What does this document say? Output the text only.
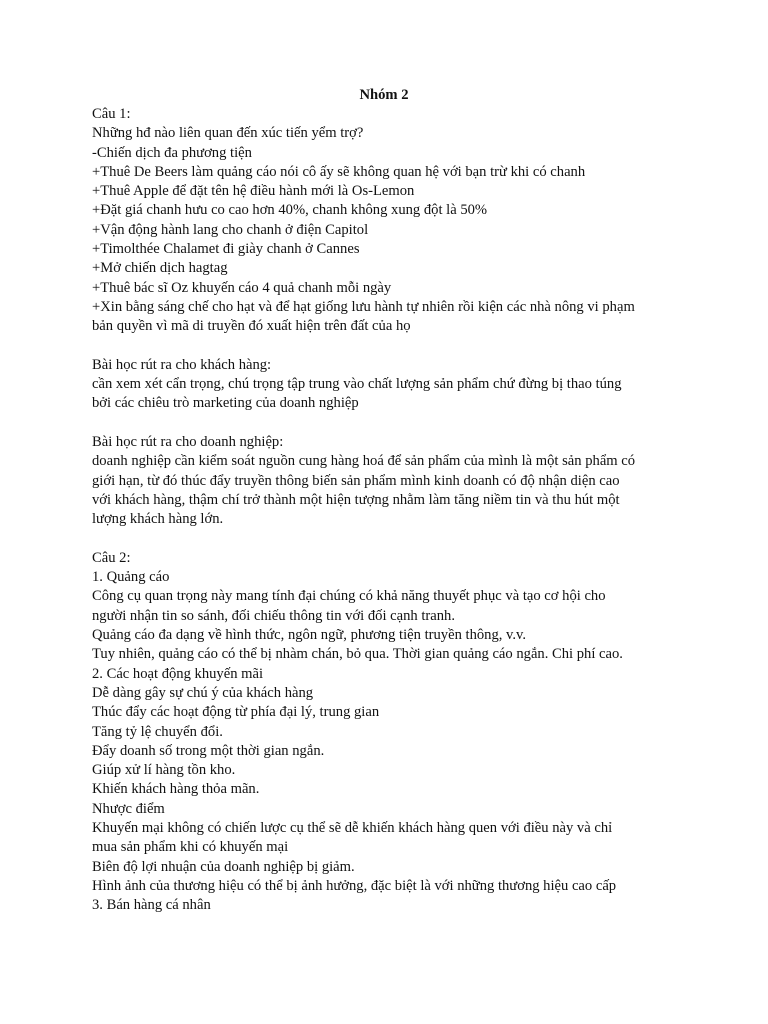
Nhóm 2
Câu 1:
Những hđ nào liên quan đến xúc tiến yểm trợ?
-Chiến dịch đa phương tiện
+Thuê De Beers làm quảng cáo nói cô ấy sẽ không quan hệ với bạn trừ khi có chanh
+Thuê Apple để đặt tên hệ điều hành mới là Os-Lemon
+Đặt giá chanh hưu co cao hơn 40%, chanh không xung đột là 50%
+Vận động hành lang cho chanh ở điện Capitol
+Timolthée Chalamet đi giày chanh ở Cannes
+Mở chiến dịch hagtag
+Thuê bác sĩ Oz khuyến cáo 4 quả chanh mỗi ngày
+Xin bằng sáng chế cho hạt và để hạt giống lưu hành tự nhiên rồi kiện các nhà nông vi phạm
bản quyền vì mã di truyền đó xuất hiện trên đất của họ
Bài học rút ra cho khách hàng:
cần xem xét cẩn trọng, chú trọng tập trung vào chất lượng sản phẩm chứ đừng bị thao túng
bởi các chiêu trò marketing của doanh nghiệp
Bài học rút ra cho doanh nghiệp:
doanh nghiệp cần kiểm soát nguồn cung hàng hoá để sản phẩm của mình là một sản phẩm có
giới hạn, từ đó thúc đẩy truyền thông biến sản phẩm mình kinh doanh có độ nhận diện cao
với khách hàng, thậm chí trở thành một hiện tượng nhằm làm tăng niềm tin và thu hút một
lượng khách hàng lớn.
Câu 2:
1. Quảng cáo
Công cụ quan trọng này mang tính đại chúng có khả năng thuyết phục và tạo cơ hội cho
người nhận tin so sánh, đối chiếu thông tin với đối cạnh tranh.
Quảng cáo đa dạng về hình thức, ngôn ngữ, phương tiện truyền thông, v.v.
Tuy nhiên, quảng cáo có thể bị nhàm chán, bỏ qua. Thời gian quảng cáo ngắn. Chi phí cao.
2. Các hoạt động khuyến mãi
Dễ dàng gây sự chú ý của khách hàng
Thúc đẩy các hoạt động từ phía đại lý, trung gian
Tăng tỷ lệ chuyển đổi.
Đẩy doanh số trong một thời gian ngắn.
Giúp xử lí hàng tồn kho.
Khiến khách hàng thỏa mãn.
Nhược điểm
Khuyến mại không có chiến lược cụ thể sẽ dễ khiến khách hàng quen với điều này và chỉ
mua sản phẩm khi có khuyến mại
Biên độ lợi nhuận của doanh nghiệp bị giảm.
Hình ảnh của thương hiệu có thể bị ảnh hưởng, đặc biệt là với những thương hiệu cao cấp
3. Bán hàng cá nhân
